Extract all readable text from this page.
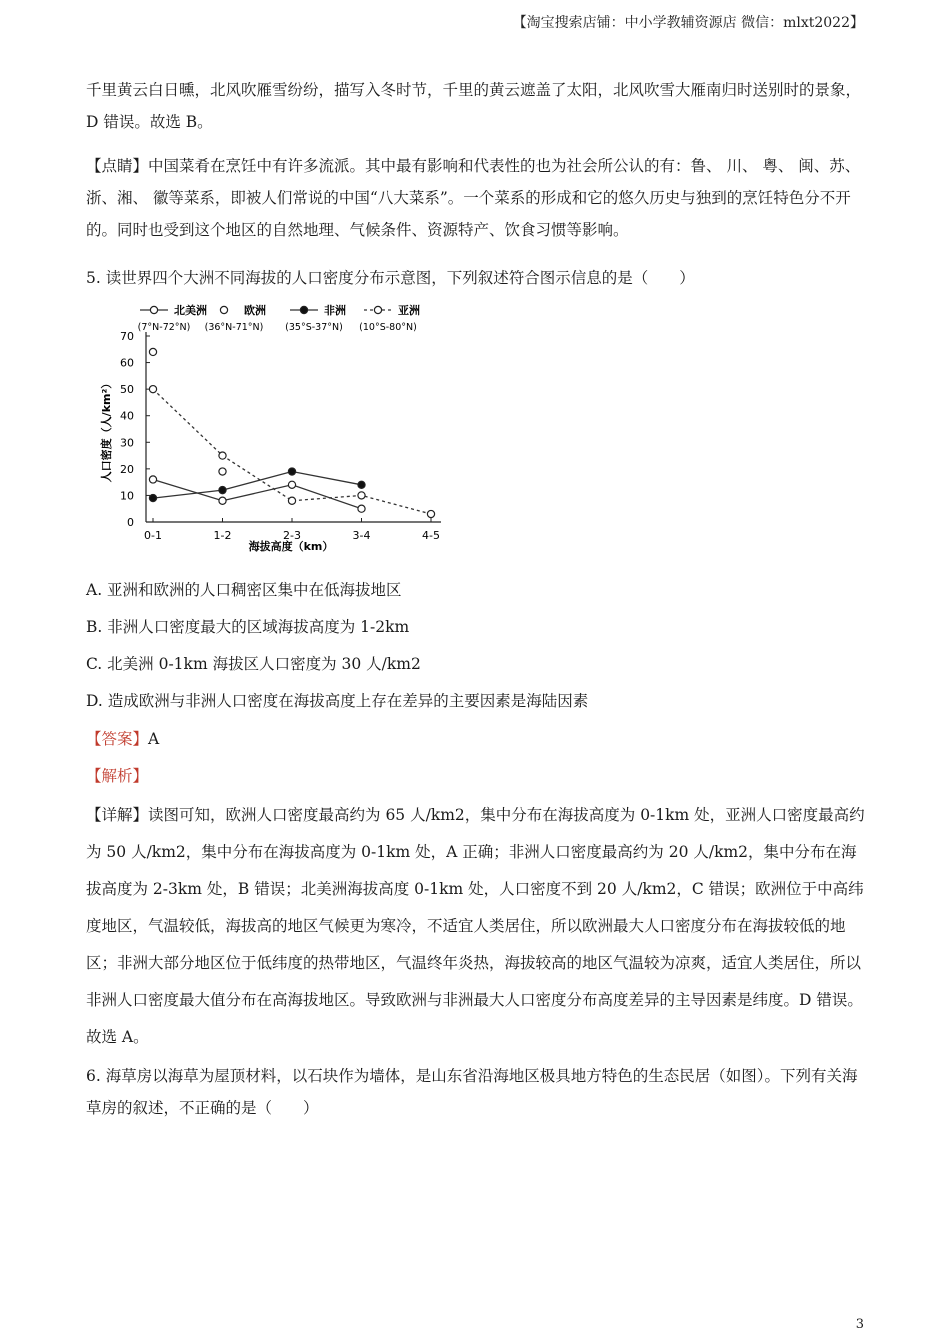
【淘宝搜索店铺：中小学教辅资源店 微信：mlxt2022】

千里黄云白日曛，北风吹雁雪纷纷，描写入冬时节，千里的黄云遮盖了太阳，北风吹雪大雁南归时送别时的景象，D 错误。故选 B。

【点睛】中国菜肴在烹饪中有许多流派。其中最有影响和代表性的也为社会所公认的有：鲁、 川、 粤、 闽、苏、 浙、湘、 徽等菜系，即被人们常说的中国“八大菜系”。一个菜系的形成和它的悠久历史与独到的烹饪特色分不开的。同时也受到这个地区的自然地理、气候条件、资源特产、饮食习惯等影响。

5. 读世界四个大洲不同海拔的人口密度分布示意图，下列叙述符合图示信息的是（　　）

北美洲
(7°N-72°N)
欧洲
(36°N-71°N)
非洲
(35°S-37°N)
亚洲
(10°S-80°N)
0
10
20
30
40
50
60
70
0-1	1-2	2-3	3-4	4-5
海拔高度（km）
人口密度（人/km²）

A. 亚洲和欧洲的人口稠密区集中在低海拔地区

B. 非洲人口密度最大的区域海拔高度为 1-2km

C. 北美洲 0-1km 海拔区人口密度为 30 人/km2

D. 造成欧洲与非洲人口密度在海拔高度上存在差异的主要因素是海陆因素

【答案】A

【解析】

【详解】读图可知，欧洲人口密度最高约为 65 人/km2，集中分布在海拔高度为 0-1km 处，亚洲人口密度最高约为 50 人/km2，集中分布在海拔高度为 0-1km 处，A 正确；非洲人口密度最高约为 20 人/km2，集中分布在海拔高度为 2-3km 处，B 错误；北美洲海拔高度 0-1km 处，人口密度不到 20 人/km2，C 错误；欧洲位于中高纬度地区，气温较低，海拔高的地区气候更为寒冷，不适宜人类居住，所以欧洲最大人口密度分布在海拔较低的地区；非洲大部分地区位于低纬度的热带地区，气温终年炎热，海拔较高的地区气温较为凉爽，适宜人类居住，所以非洲人口密度最大值分布在高海拔地区。导致欧洲与非洲最大人口密度分布高度差异的主导因素是纬度。D 错误。故选 A。

6. 海草房以海草为屋顶材料，以石块作为墙体，是山东省沿海地区极具地方特色的生态民居（如图）。下列有关海草房的叙述，不正确的是（　　）

3
